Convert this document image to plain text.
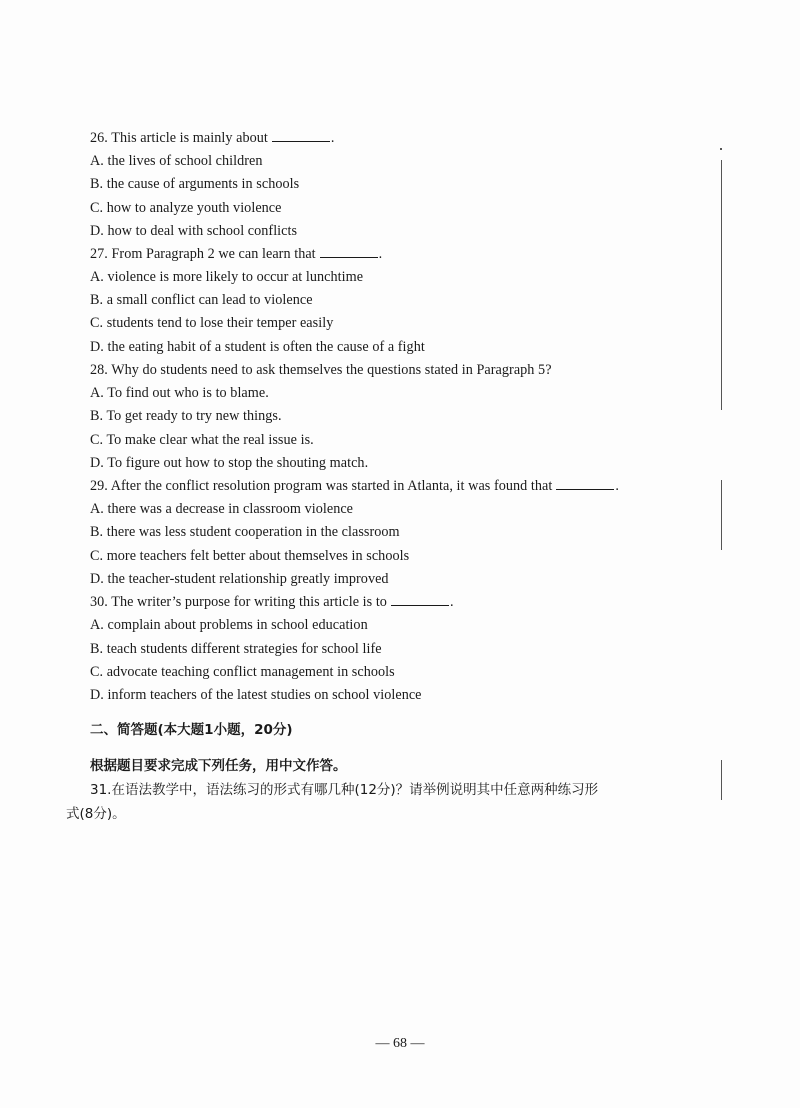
26. This article is mainly about	.
A. the lives of school children
B. the cause of arguments in schools
C. how to analyze youth violence
D. how to deal with school conflicts
27. From Paragraph 2 we can learn that	.
A. violence is more likely to occur at lunchtime
B. a small conflict can lead to violence
C. students tend to lose their temper easily
D. the eating habit of a student is often the cause of a fight
28. Why do students need to ask themselves the questions stated in Paragraph 5?
A. To find out who is to blame.
B. To get ready to try new things.
C. To make clear what the real issue is.
D. To figure out how to stop the shouting match.
29. After the conflict resolution program was started in Atlanta, it was found that	.
A. there was a decrease in classroom violence
B. there was less student cooperation in the classroom
C. more teachers felt better about themselves in schools
D. the teacher-student relationship greatly improved
30. The writer’s purpose for writing this article is to	.
A. complain about problems in school education
B. teach students different strategies for school life
C. advocate teaching conflict management in schools
D. inform teachers of the latest studies on school violence
二、简答题(本大题1小题，20分)
根据题目要求完成下列任务，用中文作答。
31.在语法教学中，语法练习的形式有哪几种(12分)？请举例说明其中任意两种练习形
式(8分)。
— 68 —
